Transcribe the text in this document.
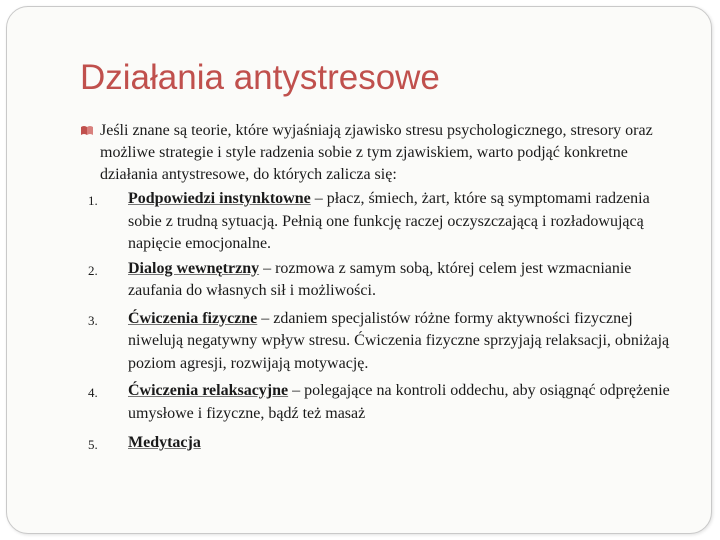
Działania antystresowe
Jeśli znane są teorie, które wyjaśniają zjawisko stresu psychologicznego, stresory oraz możliwe strategie i style radzenia sobie z tym zjawiskiem, warto podjąć konkretne działania antystresowe, do których zalicza się:
1.	Podpowiedzi instynktowne – płacz, śmiech, żart, które są symptomami radzenia sobie z trudną sytuacją. Pełnią one funkcję raczej oczyszczającą i rozładowującą napięcie emocjonalne.
2.	Dialog wewnętrzny – rozmowa z samym sobą, której celem jest wzmacnianie zaufania do własnych sił i możliwości.
3.	Ćwiczenia fizyczne – zdaniem specjalistów różne formy aktywności fizycznej niwelują negatywny wpływ stresu. Ćwiczenia fizyczne sprzyjają relaksacji, obniżają poziom agresji, rozwijają motywację.
4.	Ćwiczenia relaksacyjne – polegające na kontroli oddechu, aby osiągnąć odprężenie umysłowe i fizyczne, bądź też masaż
5.	Medytacja
